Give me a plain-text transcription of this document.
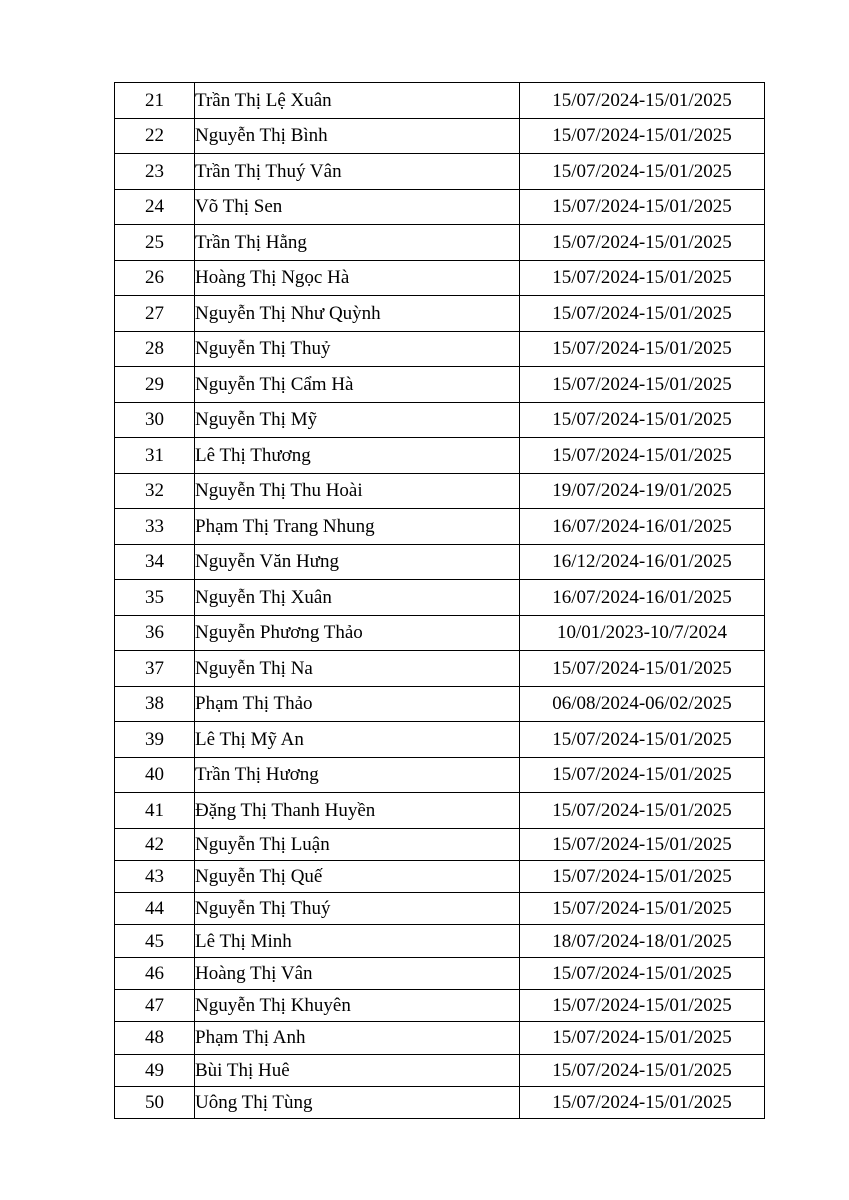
21	Trần Thị Lệ Xuân	15/07/2024-15/01/2025
22	Nguyễn Thị Bình	15/07/2024-15/01/2025
23	Trần Thị Thuý Vân	15/07/2024-15/01/2025
24	Võ Thị Sen	15/07/2024-15/01/2025
25	Trần Thị Hằng	15/07/2024-15/01/2025
26	Hoàng Thị Ngọc Hà	15/07/2024-15/01/2025
27	Nguyễn Thị Như Quỳnh	15/07/2024-15/01/2025
28	Nguyễn Thị Thuỷ	15/07/2024-15/01/2025
29	Nguyễn Thị Cẩm Hà	15/07/2024-15/01/2025
30	Nguyễn Thị Mỹ	15/07/2024-15/01/2025
31	Lê Thị Thương	15/07/2024-15/01/2025
32	Nguyễn Thị Thu Hoài	19/07/2024-19/01/2025
33	Phạm Thị Trang Nhung	16/07/2024-16/01/2025
34	Nguyễn Văn Hưng	16/12/2024-16/01/2025
35	Nguyễn Thị Xuân	16/07/2024-16/01/2025
36	Nguyễn Phương Thảo	10/01/2023-10/7/2024
37	Nguyễn Thị Na	15/07/2024-15/01/2025
38	Phạm Thị Thảo	06/08/2024-06/02/2025
39	Lê Thị Mỹ An	15/07/2024-15/01/2025
40	Trần Thị Hương	15/07/2024-15/01/2025
41	Đặng Thị Thanh Huyền	15/07/2024-15/01/2025
42	Nguyễn Thị Luận	15/07/2024-15/01/2025
43	Nguyễn Thị Quế	15/07/2024-15/01/2025
44	Nguyễn Thị Thuý	15/07/2024-15/01/2025
45	Lê Thị Minh	18/07/2024-18/01/2025
46	Hoàng Thị Vân	15/07/2024-15/01/2025
47	Nguyễn Thị Khuyên	15/07/2024-15/01/2025
48	Phạm Thị Anh	15/07/2024-15/01/2025
49	Bùi Thị Huê	15/07/2024-15/01/2025
50	Uông Thị Tùng	15/07/2024-15/01/2025
